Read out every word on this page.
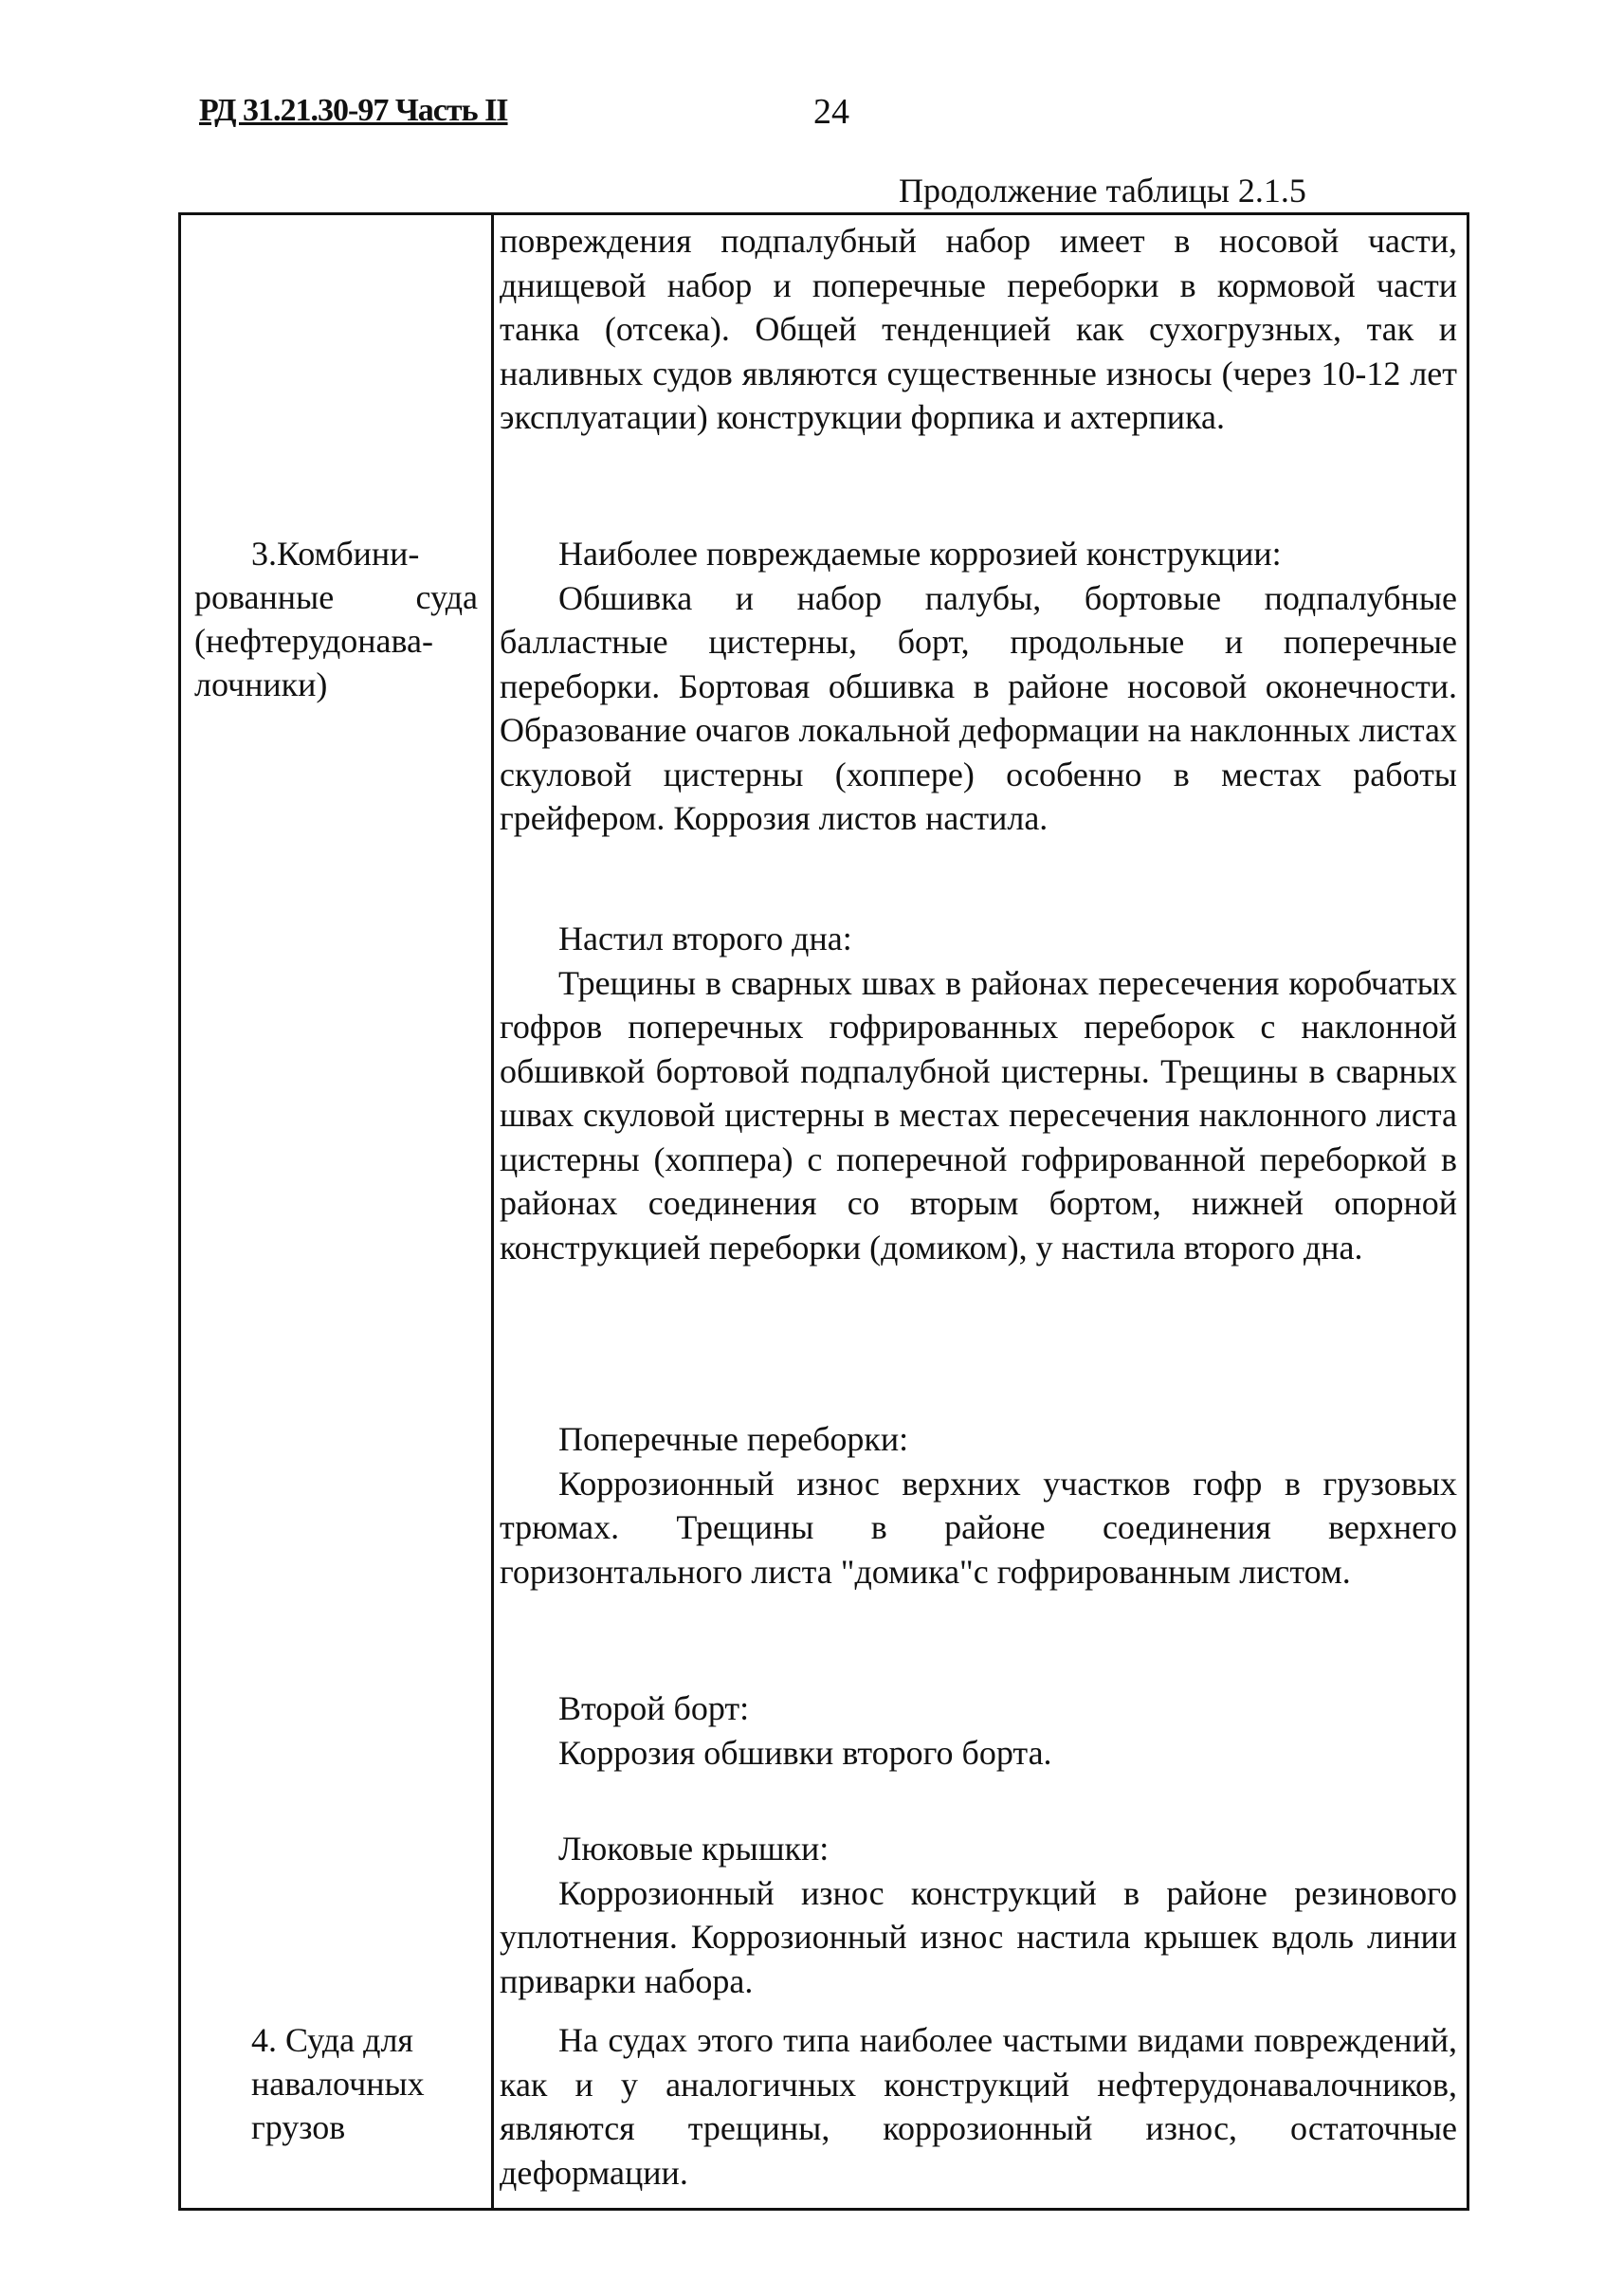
РД 31.21.30-97 Часть II	24
Продолжение таблицы 2.1.5

повреждения подпалубный набор имеет в носовой части, днищевой набор и поперечные переборки в кормовой части танка (отсека). Общей тенденцией как сухогрузных, так и наливных судов являются существенные износы (через 10-12 лет эксплуатации) конструкции форпика и ахтерпика.

3.Комбини-
рованные суда
(нефтерудонава-
лочники)

Наиболее повреждаемые коррозией конструкции:

Обшивка и набор палубы, бортовые подпалубные балластные цистерны, борт, продольные и поперечные переборки. Бортовая обшивка в районе носовой оконечности. Образование очагов локальной деформации на наклонных листах скуловой цистерны (хоппере) особенно в местах работы грейфером. Коррозия листов настила.

Настил второго дна:

Трещины в сварных швах в районах пересечения коробчатых гофров поперечных гофрированных переборок с наклонной обшивкой бортовой подпалубной цистерны. Трещины в сварных швах скуловой цистерны в местах пересечения наклонного листа цистерны (хоппера) с поперечной гофрированной переборкой в районах соединения со вторым бортом, нижней опорной конструкцией переборки (домиком), у настила второго дна.

Поперечные переборки:

Коррозионный износ верхних участков гофр в грузовых трюмах. Трещины в районе соединения верхнего горизонтального листа "домика"с гофрированным листом.

Второй борт:

Коррозия обшивки второго борта.

Люковые крышки:

Коррозионный износ конструкций в районе резинового уплотнения. Коррозионный износ настила крышек вдоль линии приварки набора.

4. Суда для
навалочных
грузов

На судах этого типа наиболее частыми видами повреждений, как и у аналогичных конструкций нефтерудонавалочников, являются трещины, коррозионный износ, остаточные деформации.
